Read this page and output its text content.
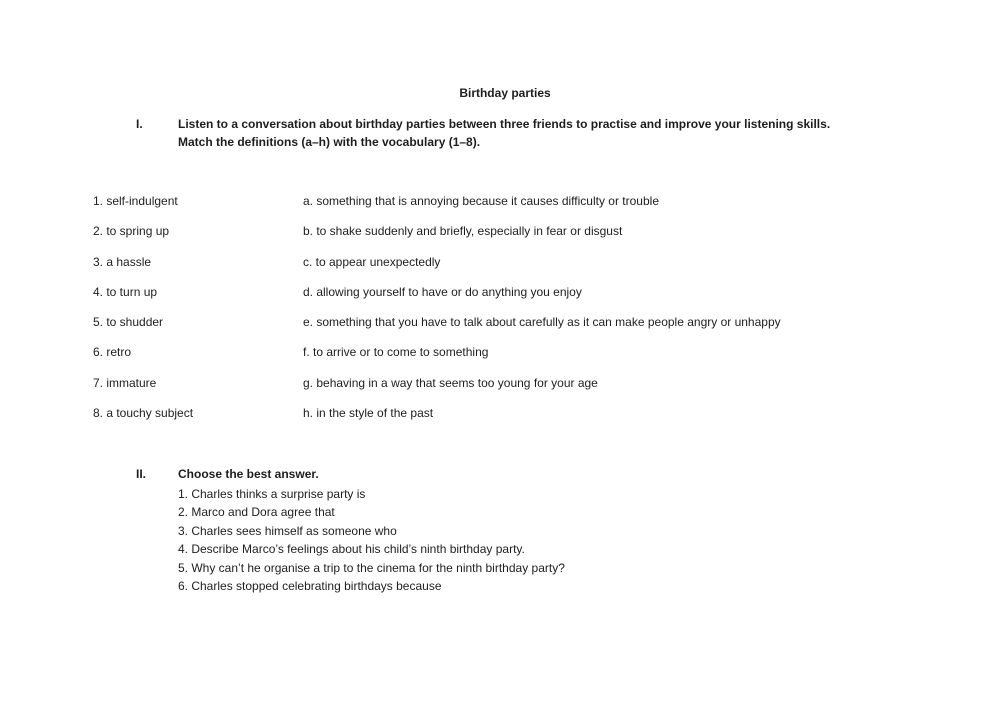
Birthday parties
I.	Listen to a conversation about birthday parties between three friends to practise and improve your listening skills.
Match the definitions (a–h) with the vocabulary (1–8).
1. self-indulgent	a. something that is annoying because it causes difficulty or trouble
2. to spring up	b. to shake suddenly and briefly, especially in fear or disgust
3. a hassle	c. to appear unexpectedly
4. to turn up	d. allowing yourself to have or do anything you enjoy
5. to shudder	e. something that you have to talk about carefully as it can make people angry or unhappy
6. retro	f. to arrive or to come to something
7. immature	g. behaving in a way that seems too young for your age
8. a touchy subject	h. in the style of the past
II.	Choose the best answer.
1. Charles thinks a surprise party is
2. Marco and Dora agree that
3. Charles sees himself as someone who
4. Describe Marco’s feelings about his child’s ninth birthday party.
5. Why can’t he organise a trip to the cinema for the ninth birthday party?
6. Charles stopped celebrating birthdays because
